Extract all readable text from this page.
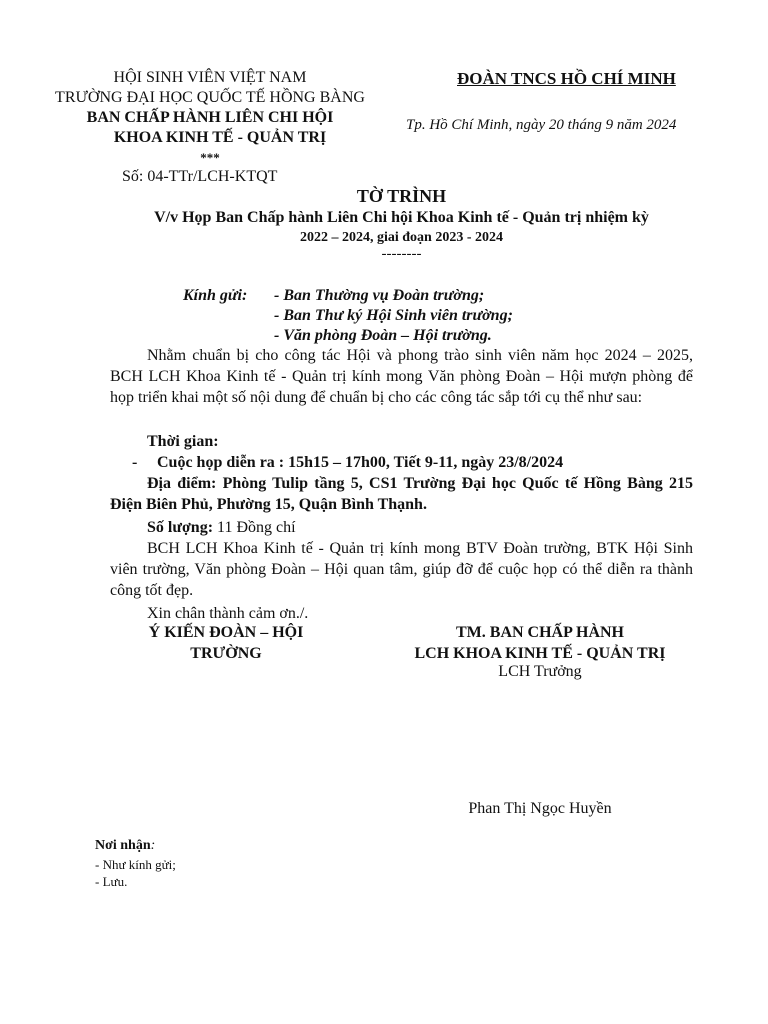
HỘI SINH VIÊN VIỆT NAM
TRƯỜNG ĐẠI HỌC QUỐC TẾ HỒNG BÀNG
BAN CHẤP HÀNH LIÊN CHI HỘI
KHOA KINH TẾ - QUẢN TRỊ
***
Số: 04-TTr/LCH-KTQT
ĐOÀN TNCS HỒ CHÍ MINH
Tp. Hồ Chí Minh, ngày 20 tháng 9 năm 2024
TỜ TRÌNH
V/v Họp Ban Chấp hành Liên Chi hội Khoa Kinh tế - Quản trị nhiệm kỳ
2022 – 2024, giai đoạn 2023 - 2024
--------
Kính gửi: - Ban Thường vụ Đoàn trường;
- Ban Thư ký Hội Sinh viên trường;
- Văn phòng Đoàn – Hội trường.
Nhằm chuẩn bị cho công tác Hội và phong trào sinh viên năm học 2024 – 2025, BCH LCH Khoa Kinh tế - Quản trị kính mong Văn phòng Đoàn – Hội mượn phòng để họp triển khai một số nội dung để chuẩn bị cho các công tác sắp tới cụ thể như sau:
Thời gian:
- Cuộc họp diễn ra : 15h15 – 17h00, Tiết 9-11, ngày 23/8/2024
Địa điểm: Phòng Tulip tầng 5, CS1 Trường Đại học Quốc tế Hồng Bàng 215 Điện Biên Phủ, Phường 15, Quận Bình Thạnh.
Số lượng: 11 Đồng chí
BCH LCH Khoa Kinh tế - Quản trị kính mong BTV Đoàn trường, BTK Hội Sinh viên trường, Văn phòng Đoàn – Hội quan tâm, giúp đỡ để cuộc họp có thể diễn ra thành công tốt đẹp.
Xin chân thành cảm ơn./.
Ý KIẾN ĐOÀN – HỘI
TRƯỜNG
TM. BAN CHẤP HÀNH
LCH KHOA KINH TẾ - QUẢN TRỊ
LCH Trưởng
Phan Thị Ngọc Huyền
Nơi nhận:
- Như kính gửi;
- Lưu.
